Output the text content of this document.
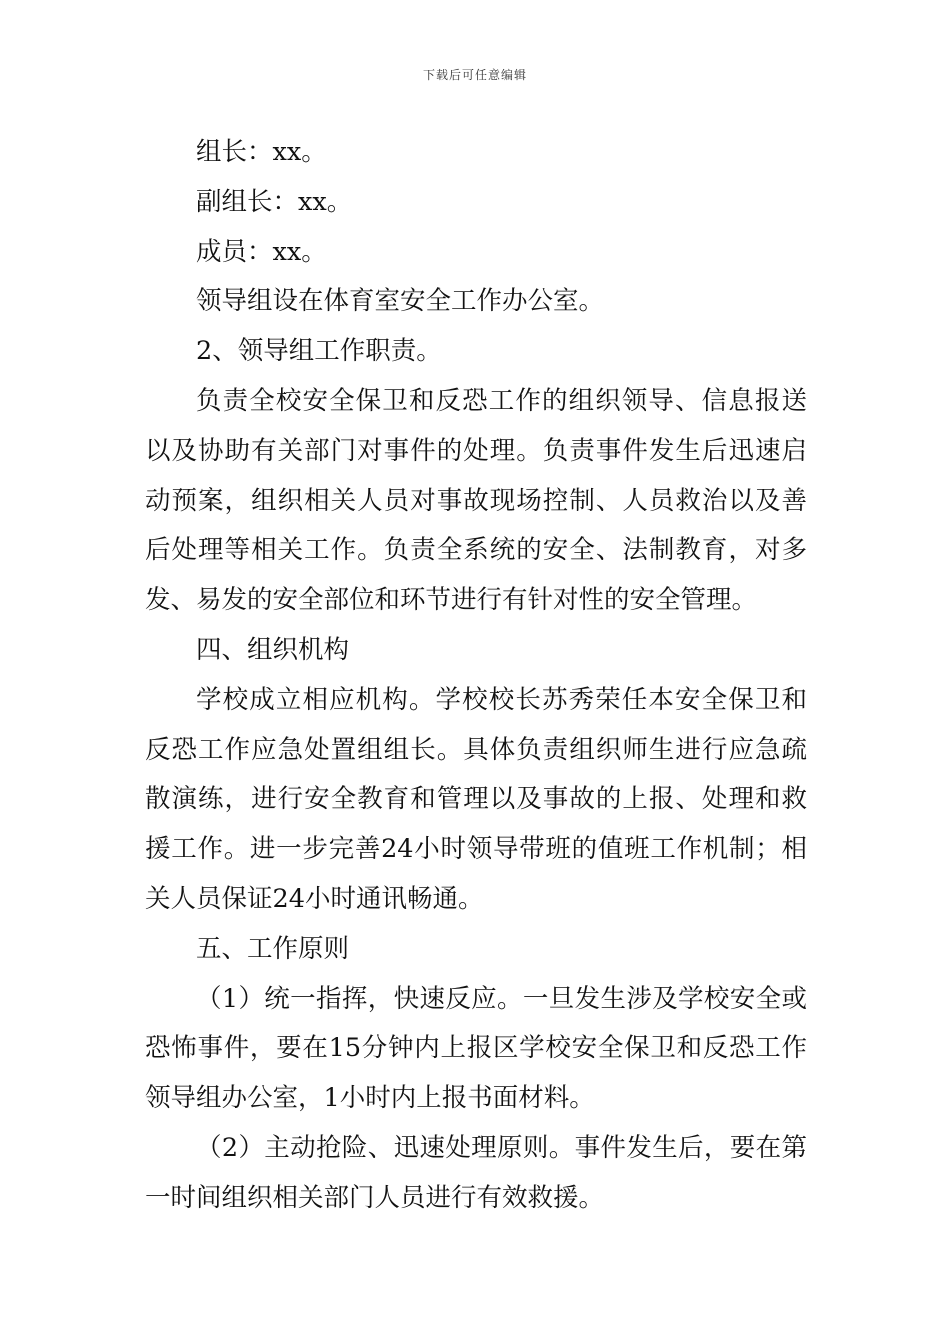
下载后可任意编辑
组长：xx。
副组长：xx。
成员：xx。
领导组设在体育室安全工作办公室。
2、领导组工作职责。
负责全校安全保卫和反恐工作的组织领导、信息报送
以及协助有关部门对事件的处理。负责事件发生后迅速启
动预案，组织相关人员对事故现场控制、人员救治以及善
后处理等相关工作。负责全系统的安全、法制教育，对多
发、易发的安全部位和环节进行有针对性的安全管理。
四、组织机构
学校成立相应机构。学校校长苏秀荣任本安全保卫和
反恐工作应急处置组组长。具体负责组织师生进行应急疏
散演练，进行安全教育和管理以及事故的上报、处理和救
援工作。进一步完善24小时领导带班的值班工作机制；相
关人员保证24小时通讯畅通。
五、工作原则
（1）统一指挥，快速反应。一旦发生涉及学校安全或
恐怖事件，要在15分钟内上报区学校安全保卫和反恐工作
领导组办公室，1小时内上报书面材料。
（2）主动抢险、迅速处理原则。事件发生后，要在第
一时间组织相关部门人员进行有效救援。
